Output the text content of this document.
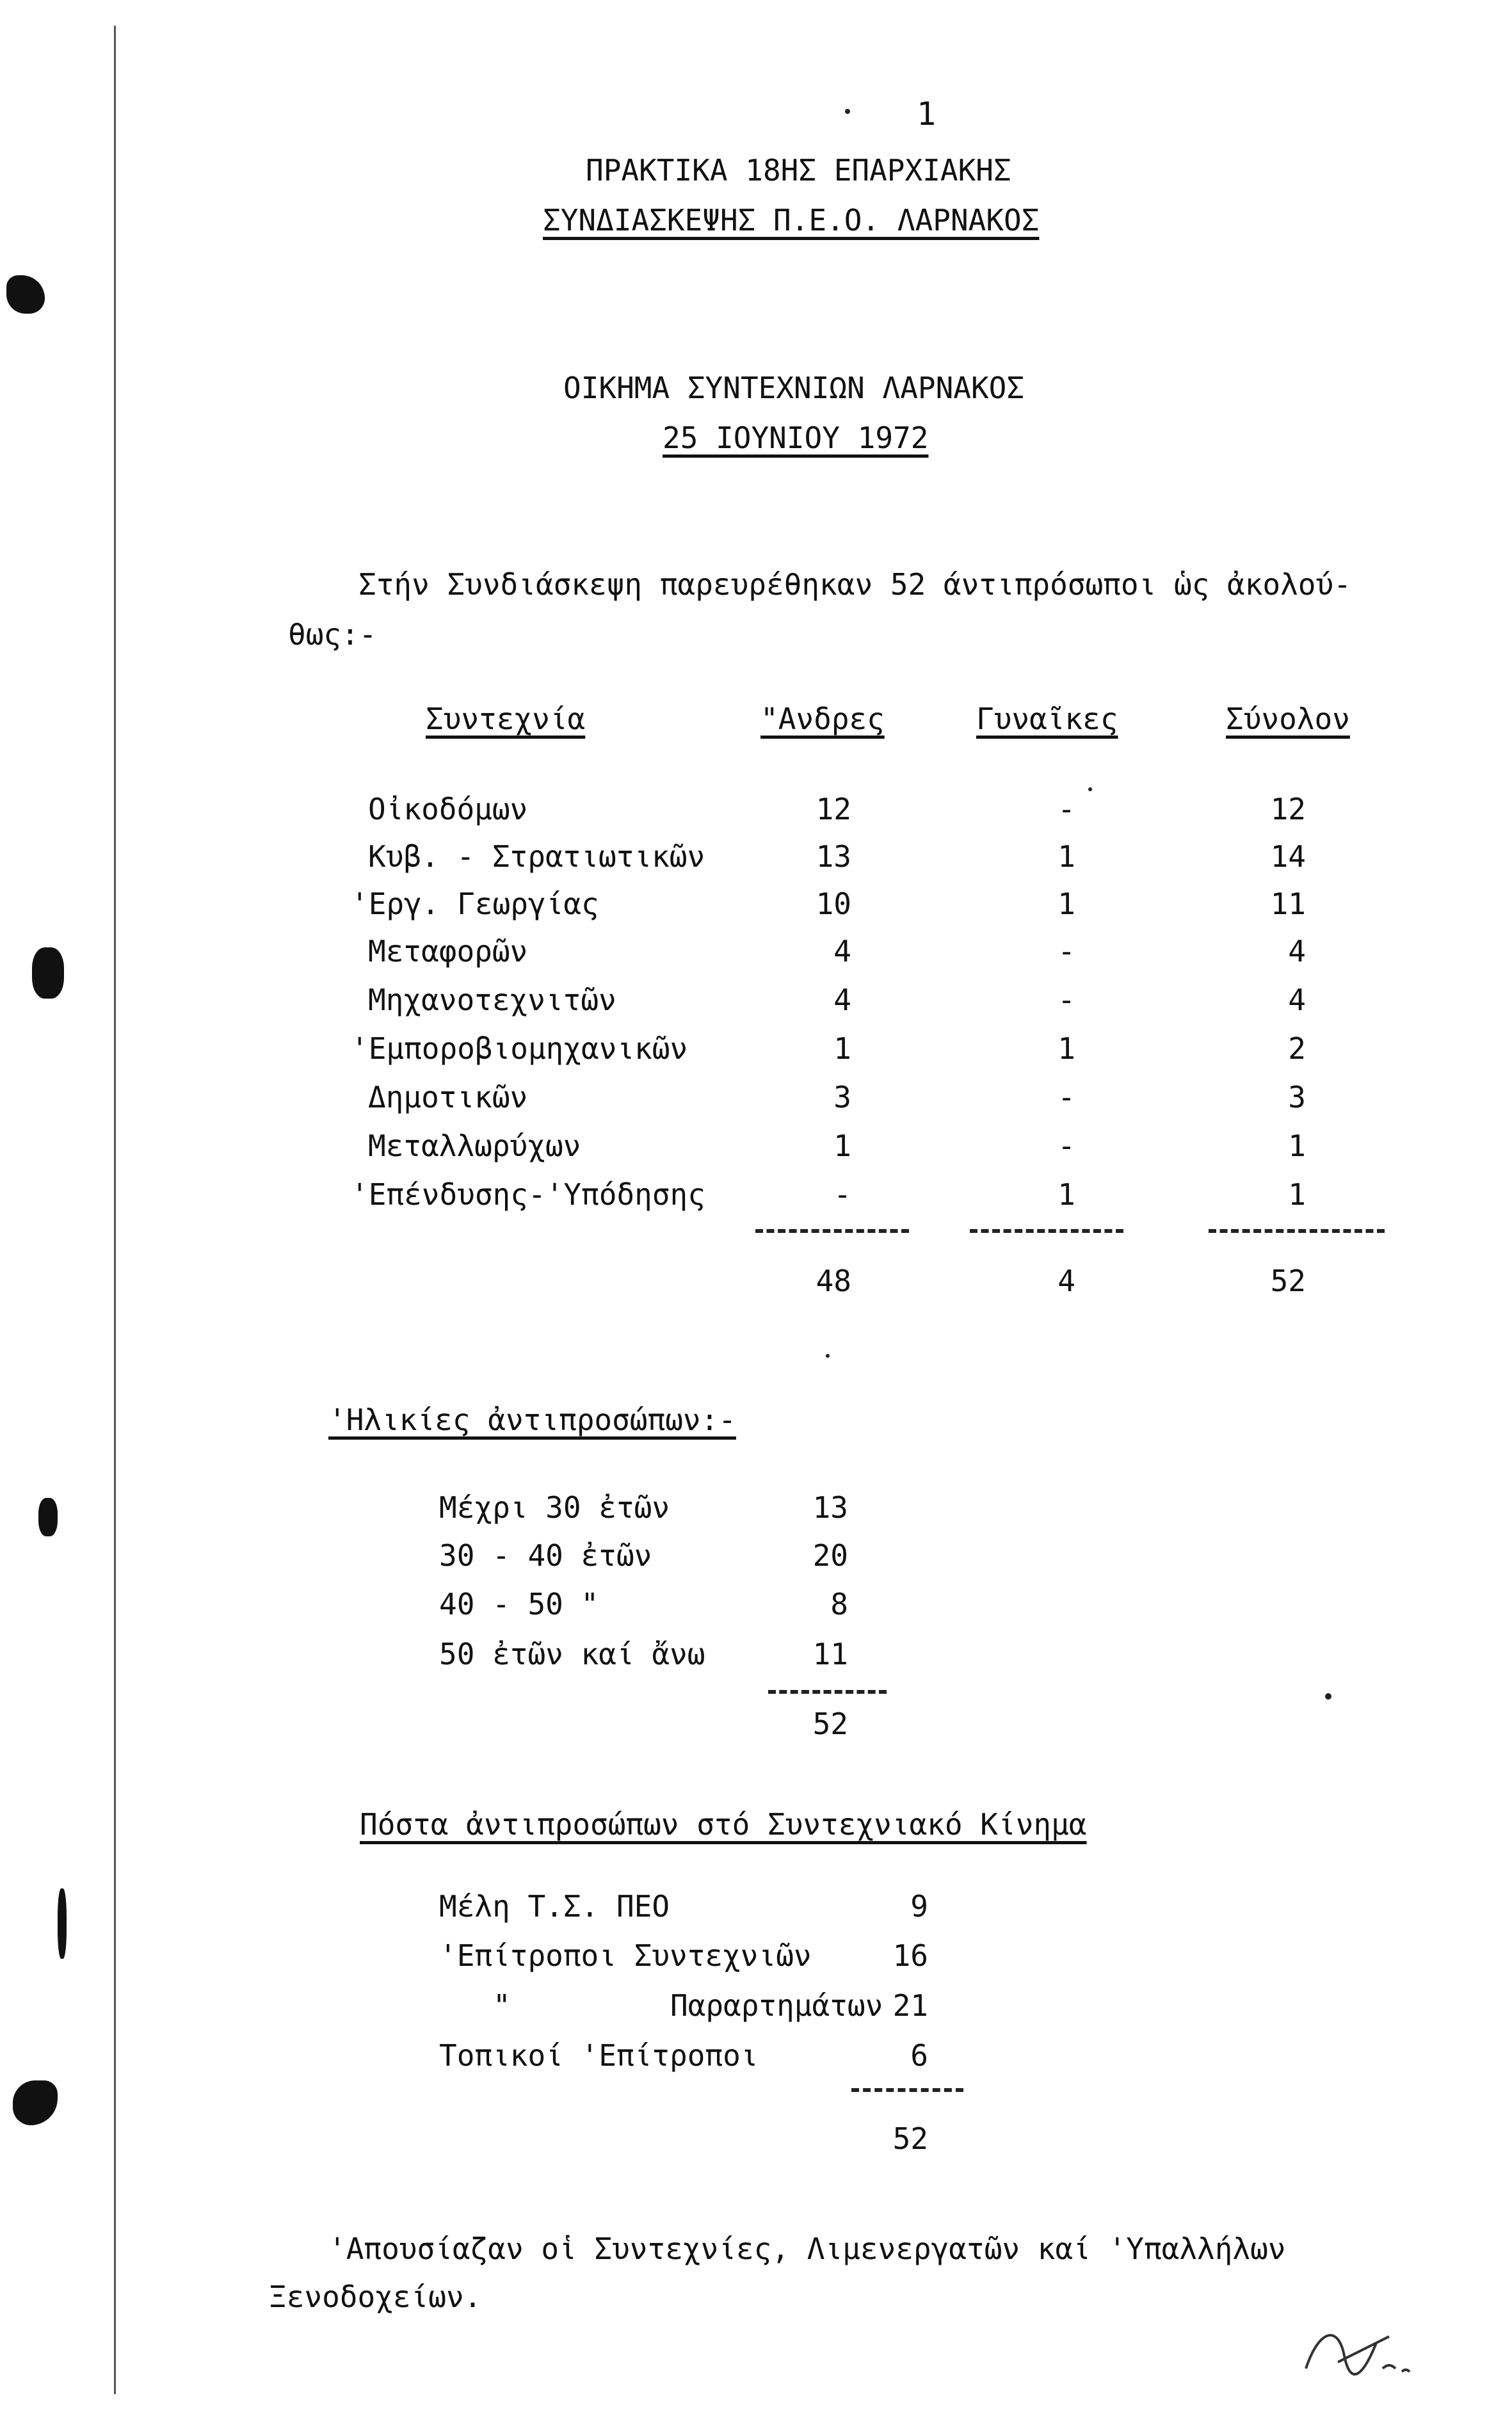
1
ΠΡΑΚΤΙΚΑ 18ΗΣ ΕΠΑΡΧΙΑΚΗΣ
ΣΥΝΔΙΑΣΚΕΨΗΣ Π.Ε.Ο. ΛΑΡΝΑΚΟΣ
ΟΙΚΗΜΑ ΣΥΝΤΕΧΝΙΩΝ ΛΑΡΝΑΚΟΣ
25 ΙΟΥΝΙΟΥ 1972
Στήν Συνδιάσκεψη παρευρέθηκαν 52 άντιπρόσωποι ὡς ἀκολού-
θως:-
Συντεχνία	"Ανδρες	Γυναῖκες	Σύνολον
Οἰκοδόμων	12	-	12
Κυβ. - Στρατιωτικῶν	13	1	14
'Εργ. Γεωργίας	10	1	11
Μεταφορῶν	4	-	4
Μηχανοτεχνιτῶν	4	-	4
'Εμποροβιομηχανικῶν	1	1	2
Δημοτικῶν	3	-	3
Μεταλλωρύχων	1	-	1
'Επένδυσης-'Υπόδησης	-	1	1
48	4	52
'Ηλικίες ἀντιπροσώπων:-
Μέχρι 30 ἐτῶν	13
30 - 40 ἐτῶν	20
40 - 50 "	8
50 ἐτῶν καί ἄνω	11
52
Πόστα ἀντιπροσώπων στό Συντεχνιακό Κίνημα
Μέλη Τ.Σ. ΠΕΟ	9
'Επίτροποι Συντεχνιῶν	16
"         Παραρτημάτων 21
Τοπικοί 'Επίτροποι	6
52
'Απουσίαζαν οἱ Συντεχνίες, Λιμενεργατῶν καί 'Υπαλλήλων
Ξενοδοχείων.
